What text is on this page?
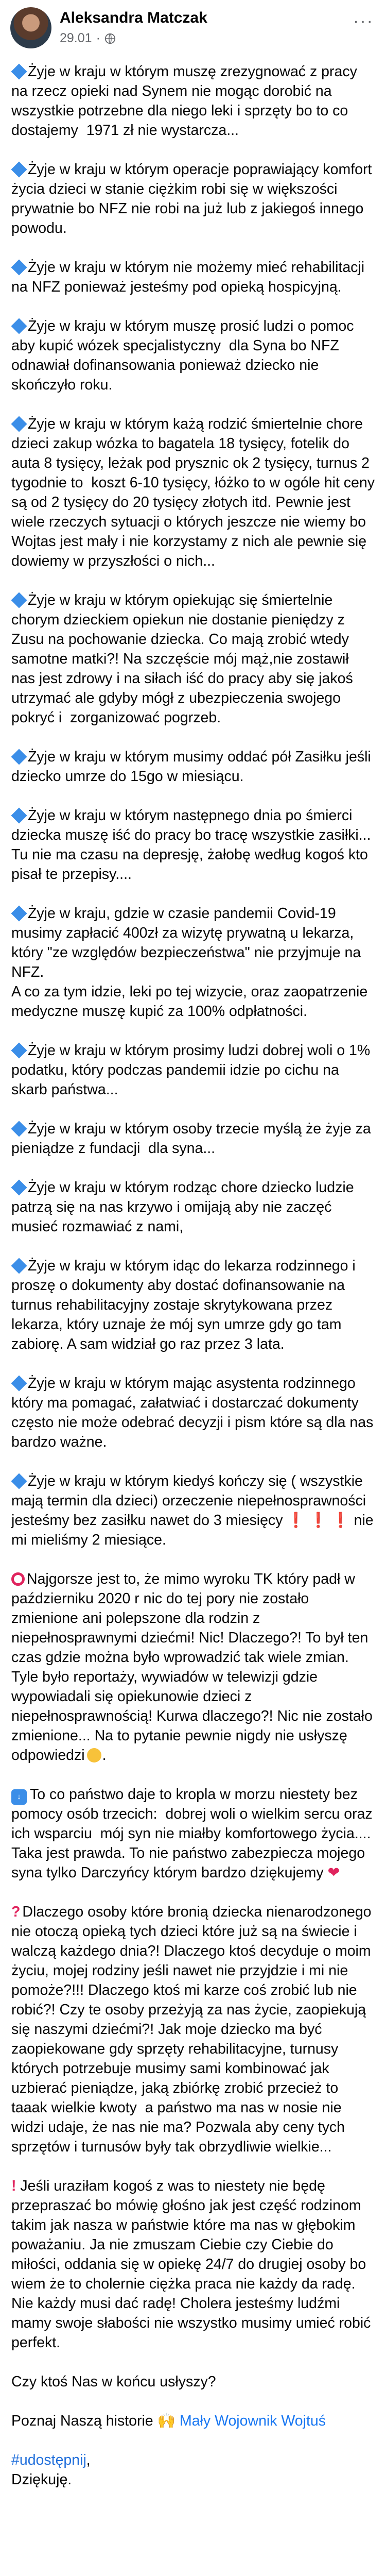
Aleksandra Matczak
29.01 ·
···

Żyje w kraju w którym muszę zrezygnować z pracy na rzecz opieki nad Synem nie mogąc dorobić na wszystkie potrzebne dla niego leki i sprzęty bo to co dostajemy  1971 zł nie wystarcza...

Żyje w kraju w którym operacje poprawiający komfort życia dzieci w stanie ciężkim robi się w większości  prywatnie bo NFZ nie robi na już lub z jakiegoś innego powodu.

Żyje w kraju w którym nie możemy mieć rehabilitacji na NFZ ponieważ jesteśmy pod opieką hospicyjną.

Żyje w kraju w którym muszę prosić ludzi o pomoc aby kupić wózek specjalistyczny  dla Syna bo NFZ odnawiał dofinansowania ponieważ dziecko nie skończyło roku.

Żyje w kraju w którym każą rodzić śmiertelnie chore dzieci zakup wózka to bagatela 18 tysięcy, fotelik do auta 8 tysięcy, leżak pod prysznic ok 2 tysięcy, turnus 2 tygodnie to  koszt 6-10 tysięcy, łóżko to w ogóle hit ceny są od 2 tysięcy do 20 tysięcy złotych itd. Pewnie jest wiele rzeczych sytuacji o których jeszcze nie wiemy bo Wojtas jest mały i nie korzystamy z nich ale pewnie się dowiemy w przyszłości o nich...

Żyje w kraju w którym opiekując się śmiertelnie chorym dzieckiem opiekun nie dostanie pieniędzy z Zusu na pochowanie dziecka. Co mają zrobić wtedy samotne matki?! Na szczęście mój mąż,nie zostawił nas jest zdrowy i na siłach iść do pracy aby się jakoś utrzymać ale gdyby mógł z ubezpieczenia swojego pokryć i  zorganizować pogrzeb.

Żyje w kraju w którym musimy oddać pół Zasiłku jeśli dziecko umrze do 15go w miesiącu.

Żyje w kraju w którym następnego dnia po śmierci dziecka muszę iść do pracy bo tracę wszystkie zasiłki... Tu nie ma czasu na depresję, żałobę według kogoś kto pisał te przepisy....

Żyje w kraju, gdzie w czasie pandemii Covid-19 musimy zapłacić 400zł za wizytę prywatną u lekarza, który "ze względów bezpieczeństwa" nie przyjmuje na NFZ.
A co za tym idzie, leki po tej wizycie, oraz zaopatrzenie medyczne muszę kupić za 100% odpłatności.

Żyje w kraju w którym prosimy ludzi dobrej woli o 1% podatku, który podczas pandemii idzie po cichu na skarb państwa...

Żyje w kraju w którym osoby trzecie myślą że żyje za pieniądze z fundacji  dla syna...

Żyje w kraju w którym rodząc chore dziecko ludzie patrzą się na nas krzywo i omijają aby nie zaczęć musieć rozmawiać z nami,

Żyje w kraju w którym idąc do lekarza rodzinnego i proszę o dokumenty aby dostać dofinansowanie na turnus rehabilitacyjny zostaje skrytykowana przez lekarza, który uznaje że mój syn umrze gdy go tam zabiorę. A sam widział go raz przez 3 lata.

Żyje w kraju w którym mając asystenta rodzinnego który ma pomagać, załatwiać i dostarczać dokumenty często nie może odebrać decyzji i pism które są dla nas bardzo ważne.

Żyje w kraju w którym kiedyś kończy się ( wszystkie mają termin dla dzieci) orzeczenie niepełnosprawności jesteśmy bez zasiłku nawet do 3 miesięcy ❗ ❗ ❗ nie mi mieliśmy 2 miesiące.

Najgorsze jest to, że mimo wyroku TK który padł w październiku 2020 r nic do tej pory nie zostało zmienione ani polepszone dla rodzin z niepełnosprawnymi dziećmi! Nic! Dlaczego?! To był ten czas gdzie można było wprowadzić tak wiele zmian. Tyle było reportaży, wywiadów w telewizji gdzie wypowiadali się opiekunowie dzieci z niepełnosprawnością! Kurwa dlaczego?! Nic nie zostało zmienione... Na to pytanie pewnie nigdy nie usłyszę odpowiedzi .

↓ To co państwo daje to kropla w morzu niestety bez pomocy osób trzecich:  dobrej woli o wielkim sercu oraz ich wsparciu  mój syn nie miałby komfortowego życia.... Taka jest prawda. To nie państwo zabezpiecza mojego syna tylko Darczyńcy którym bardzo dziękujemy ❤

? Dlaczego osoby które bronią dziecka nienarodzonego nie otoczą opieką tych dzieci które już są na świecie i walczą każdego dnia?! Dlaczego ktoś decyduje o moim życiu, mojej rodziny jeśli nawet nie przyjdzie i mi nie pomoże?!!! Dlaczego ktoś mi karze coś zrobić lub nie robić?! Czy te osoby przeżyją za nas życie, zaopiekują się naszymi dziećmi?! Jak moje dziecko ma być zaopiekowane gdy sprzęty rehabilitacyjne, turnusy których potrzebuje musimy sami kombinować jak uzbierać pieniądze, jaką zbiórkę zrobić przecież to taaak wielkie kwoty  a państwo ma nas w nosie nie widzi udaje, że nas nie ma? Pozwala aby ceny tych sprzętów i turnusów były tak obrzydliwie wielkie...

! Jeśli uraziłam kogoś z was to niestety nie będę przepraszać bo mówię głośno jak jest część rodzinom takim jak nasza w państwie które ma nas w głębokim poważaniu. Ja nie zmuszam Ciebie czy Ciebie do miłości, oddania się w opiekę 24/7 do drugiej osoby bo wiem że to cholernie ciężka praca nie każdy da radę. Nie każdy musi dać radę! Cholera jesteśmy ludźmi mamy swoje słabości nie wszystko musimy umieć robić perfekt.

Czy ktoś Nas w końcu usłyszy?

Poznaj Naszą historie 🙌 Mały Wojownik Wojtuś

#udostępnij,

Dziękuję.
